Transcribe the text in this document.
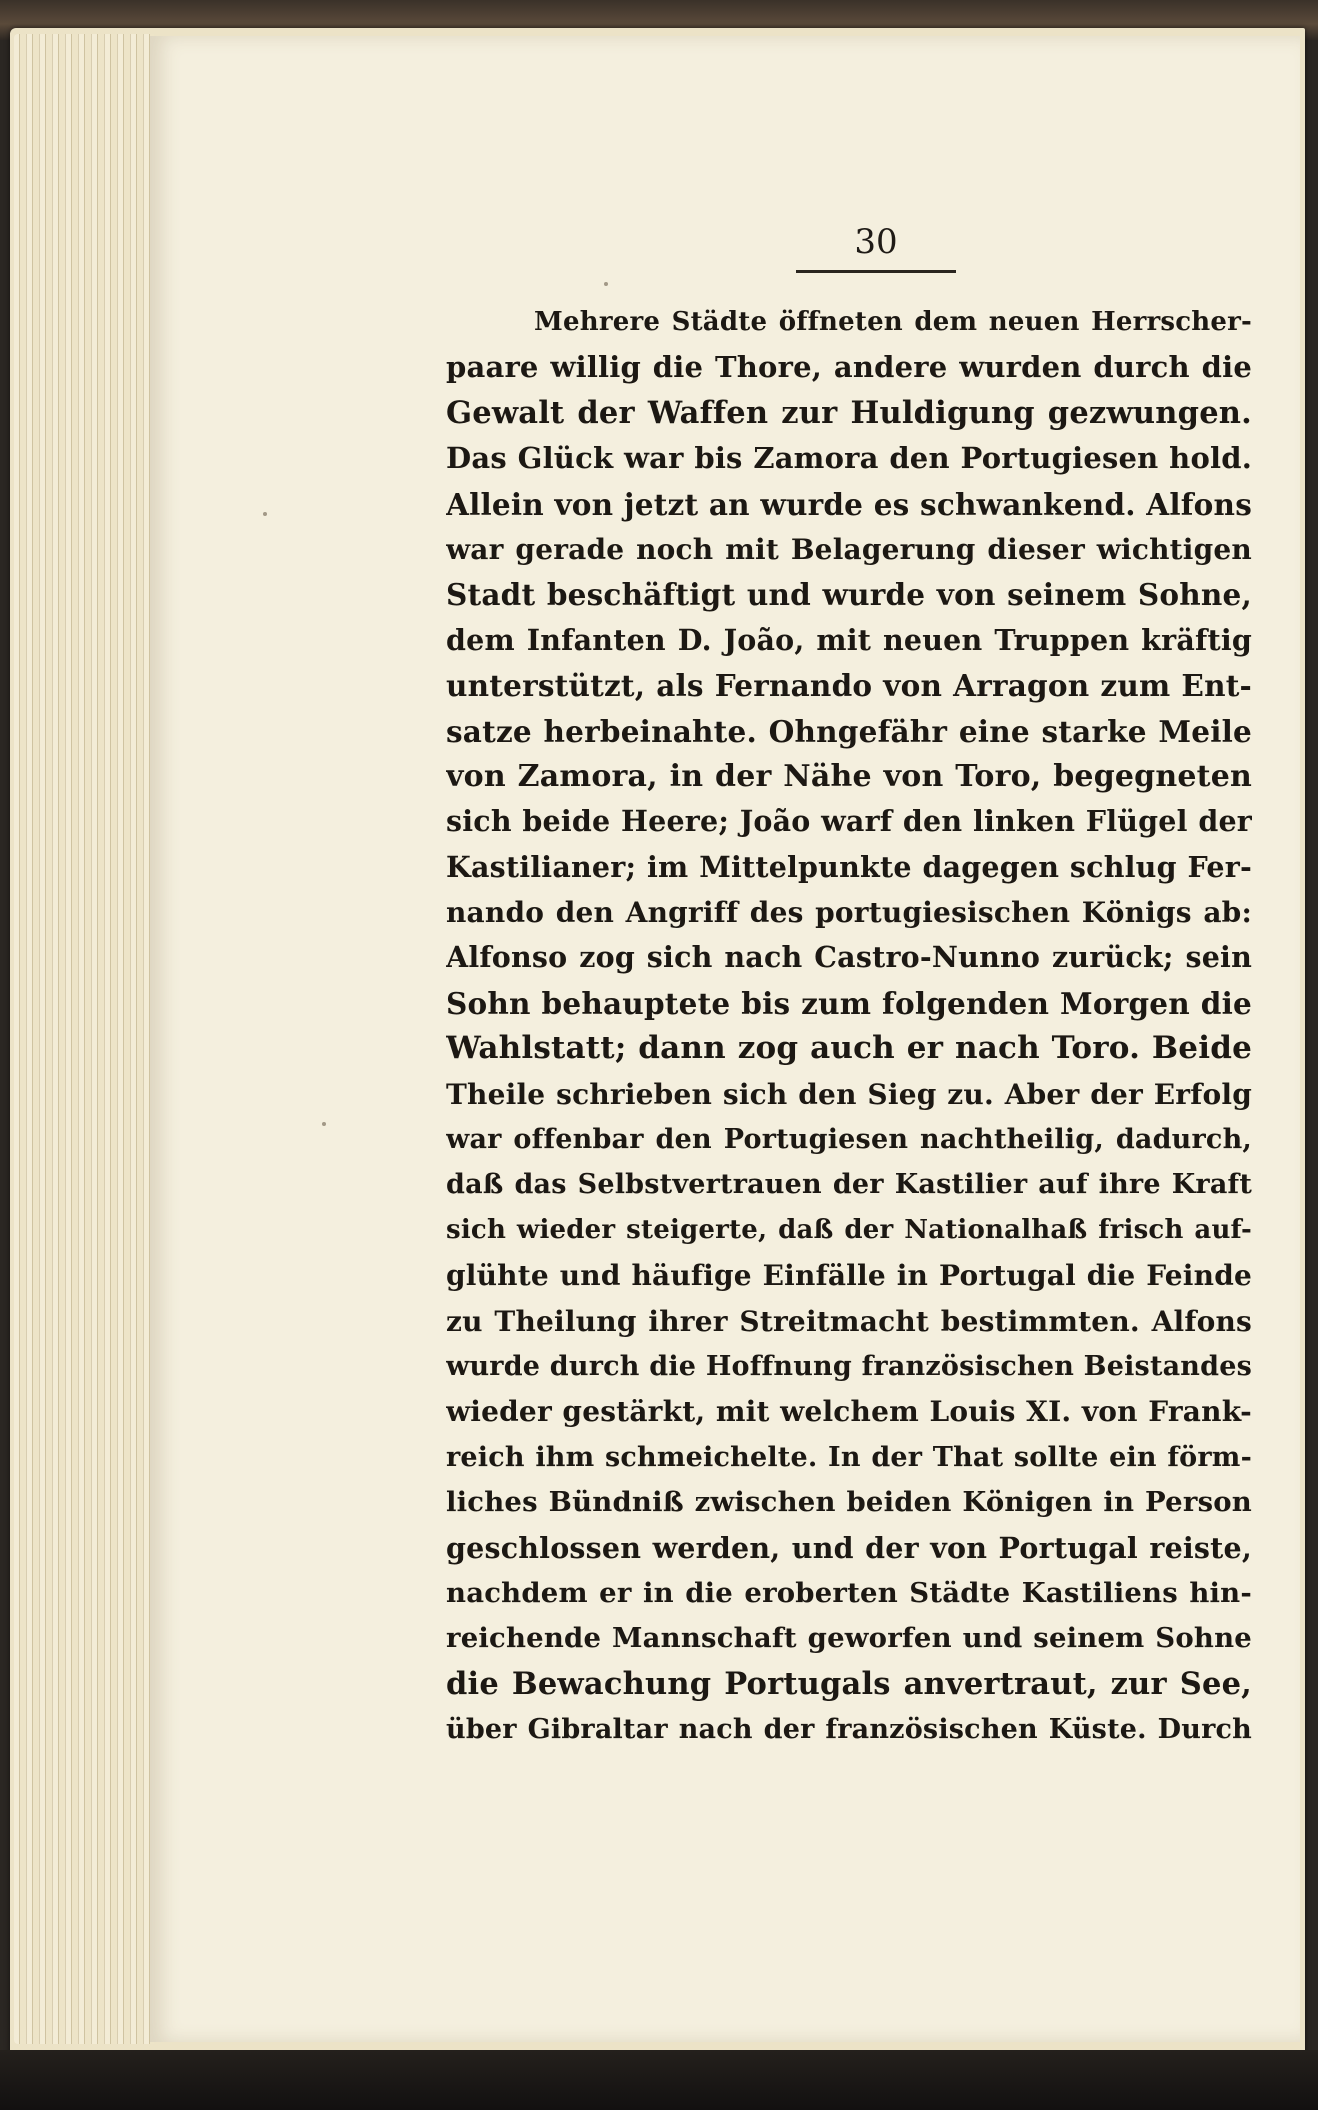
30
Mehrere Städte öffneten dem neuen Herrscher-
paare willig die Thore, andere wurden durch die
Gewalt der Waffen zur Huldigung gezwungen.
Das Glück war bis Zamora den Portugiesen hold.
Allein von jetzt an wurde es schwankend. Alfons
war gerade noch mit Belagerung dieser wichtigen
Stadt beschäftigt und wurde von seinem Sohne,
dem Infanten D. João, mit neuen Truppen kräftig
unterstützt, als Fernando von Arragon zum Ent-
satze herbeinahte. Ohngefähr eine starke Meile
von Zamora, in der Nähe von Toro, begegneten
sich beide Heere; João warf den linken Flügel der
Kastilianer; im Mittelpunkte dagegen schlug Fer-
nando den Angriff des portugiesischen Königs ab:
Alfonso zog sich nach Castro-Nunno zurück; sein
Sohn behauptete bis zum folgenden Morgen die
Wahlstatt; dann zog auch er nach Toro. Beide
Theile schrieben sich den Sieg zu. Aber der Erfolg
war offenbar den Portugiesen nachtheilig, dadurch,
daß das Selbstvertrauen der Kastilier auf ihre Kraft
sich wieder steigerte, daß der Nationalhaß frisch auf-
glühte und häufige Einfälle in Portugal die Feinde
zu Theilung ihrer Streitmacht bestimmten. Alfons
wurde durch die Hoffnung französischen Beistandes
wieder gestärkt, mit welchem Louis XI. von Frank-
reich ihm schmeichelte. In der That sollte ein förm-
liches Bündniß zwischen beiden Königen in Person
geschlossen werden, und der von Portugal reiste,
nachdem er in die eroberten Städte Kastiliens hin-
reichende Mannschaft geworfen und seinem Sohne
die Bewachung Portugals anvertraut, zur See,
über Gibraltar nach der französischen Küste. Durch
